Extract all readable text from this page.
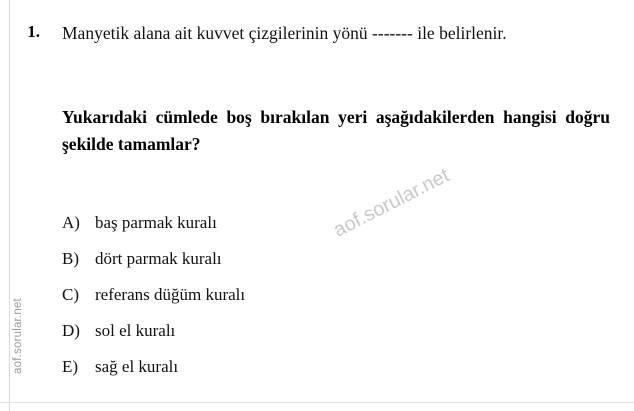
aof.sorular.net
1. Manyetik alana ait kuvvet çizgilerinin yönü ------- ile belirlenir.
Yukarıdaki cümlede boş bırakılan yeri aşağıdakilerden hangisi doğru şekilde tamamlar?
A) baş parmak kuralı
B) dört parmak kuralı
C) referans düğüm kuralı
D) sol el kuralı
E) sağ el kuralı
aof.sorular.net
